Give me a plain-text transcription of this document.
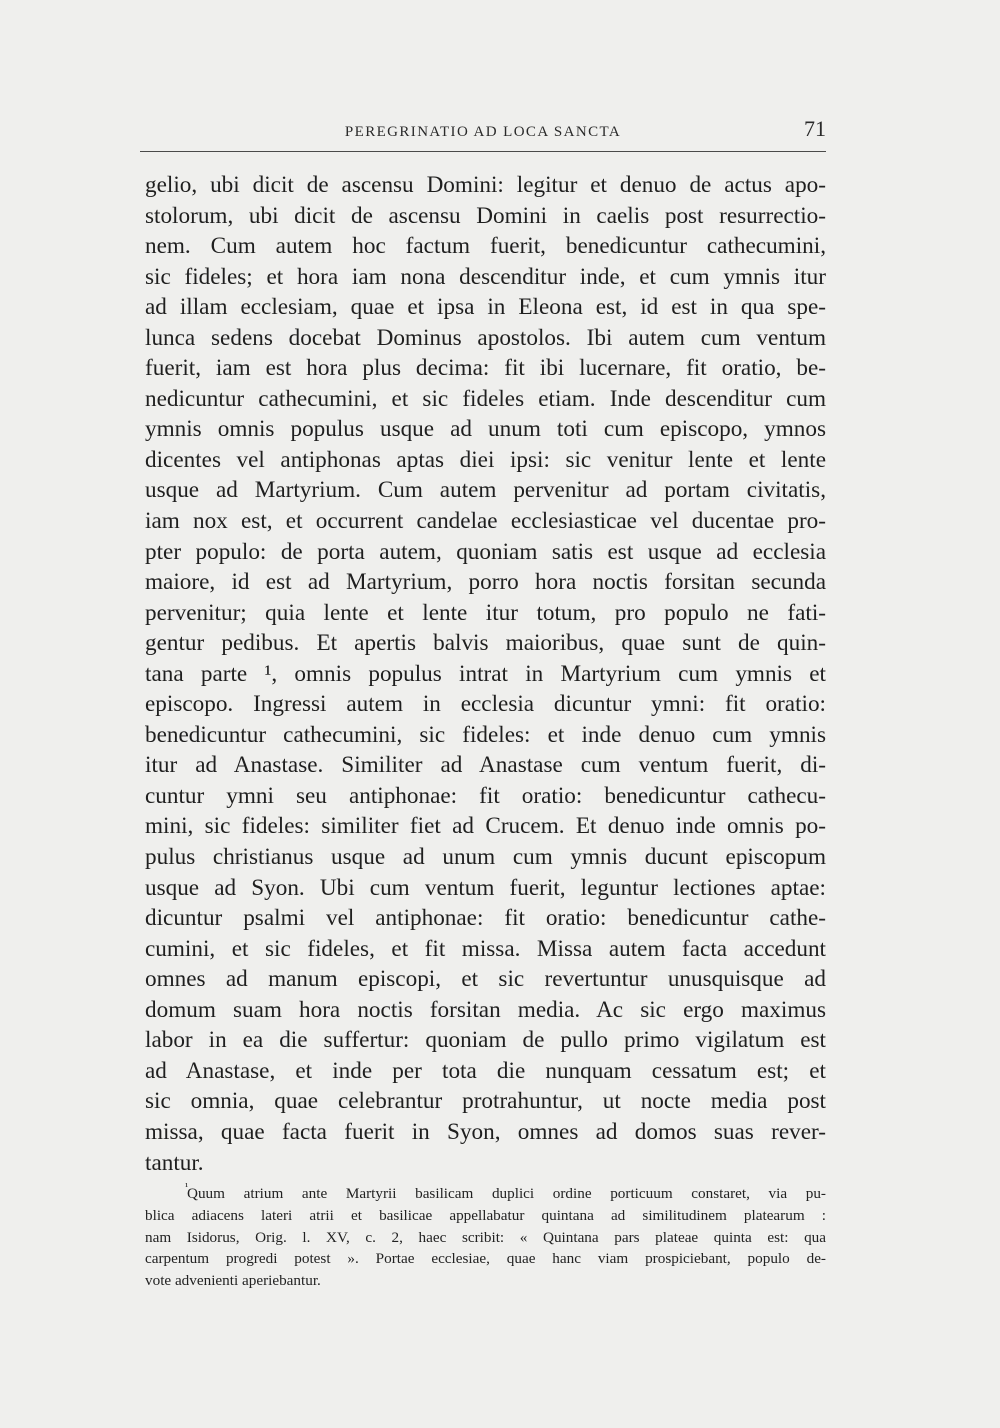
PEREGRINATIO AD LOCA SANCTA	71
gelio, ubi dicit de ascensu Domini: legitur et denuo de actus apo-
stolorum, ubi dicit de ascensu Domini in caelis post resurrectio-
nem. Cum autem hoc factum fuerit, benedicuntur cathecumini,
sic fideles; et hora iam nona descenditur inde, et cum ymnis itur
ad illam ecclesiam, quae et ipsa in Eleona est, id est in qua spe-
lunca sedens docebat Dominus apostolos. Ibi autem cum ventum
fuerit, iam est hora plus decima: fit ibi lucernare, fit oratio, be-
nedicuntur cathecumini, et sic fideles etiam. Inde descenditur cum
ymnis omnis populus usque ad unum toti cum episcopo, ymnos
dicentes vel antiphonas aptas diei ipsi: sic venitur lente et lente
usque ad Martyrium. Cum autem pervenitur ad portam civitatis,
iam nox est, et occurrent candelae ecclesiasticae vel ducentae pro-
pter populo: de porta autem, quoniam satis est usque ad ecclesia
maiore, id est ad Martyrium, porro hora noctis forsitan secunda
pervenitur; quia lente et lente itur totum, pro populo ne fati-
gentur pedibus. Et apertis balvis maioribus, quae sunt de quin-
tana parte ¹, omnis populus intrat in Martyrium cum ymnis et
episcopo. Ingressi autem in ecclesia dicuntur ymni: fit oratio:
benedicuntur cathecumini, sic fideles: et inde denuo cum ymnis
itur ad Anastase. Similiter ad Anastase cum ventum fuerit, di-
cuntur ymni seu antiphonae: fit oratio: benedicuntur cathecu-
mini, sic fideles: similiter fiet ad Crucem. Et denuo inde omnis po-
pulus christianus usque ad unum cum ymnis ducunt episcopum
usque ad Syon. Ubi cum ventum fuerit, leguntur lectiones aptae:
dicuntur psalmi vel antiphonae: fit oratio: benedicuntur cathe-
cumini, et sic fideles, et fit missa. Missa autem facta accedunt
omnes ad manum episcopi, et sic revertuntur unusquisque ad
domum suam hora noctis forsitan media. Ac sic ergo maximus
labor in ea die suffertur: quoniam de pullo primo vigilatum est
ad Anastase, et inde per tota die nunquam cessatum est; et
sic omnia, quae celebrantur protrahuntur, ut nocte media post
missa, quae facta fuerit in Syon, omnes ad domos suas rever-
tantur.
¹
Quum atrium ante Martyrii basilicam duplici ordine porticuum constaret, via pu-
blica adiacens lateri atrii et basilicae appellabatur quintana ad similitudinem platearum :
nam Isidorus, Orig. l. XV, c. 2, haec scribit: « Quintana pars plateae quinta est: qua
carpentum progredi potest ». Portae ecclesiae, quae hanc viam prospiciebant, populo de-
vote advenienti aperiebantur.
